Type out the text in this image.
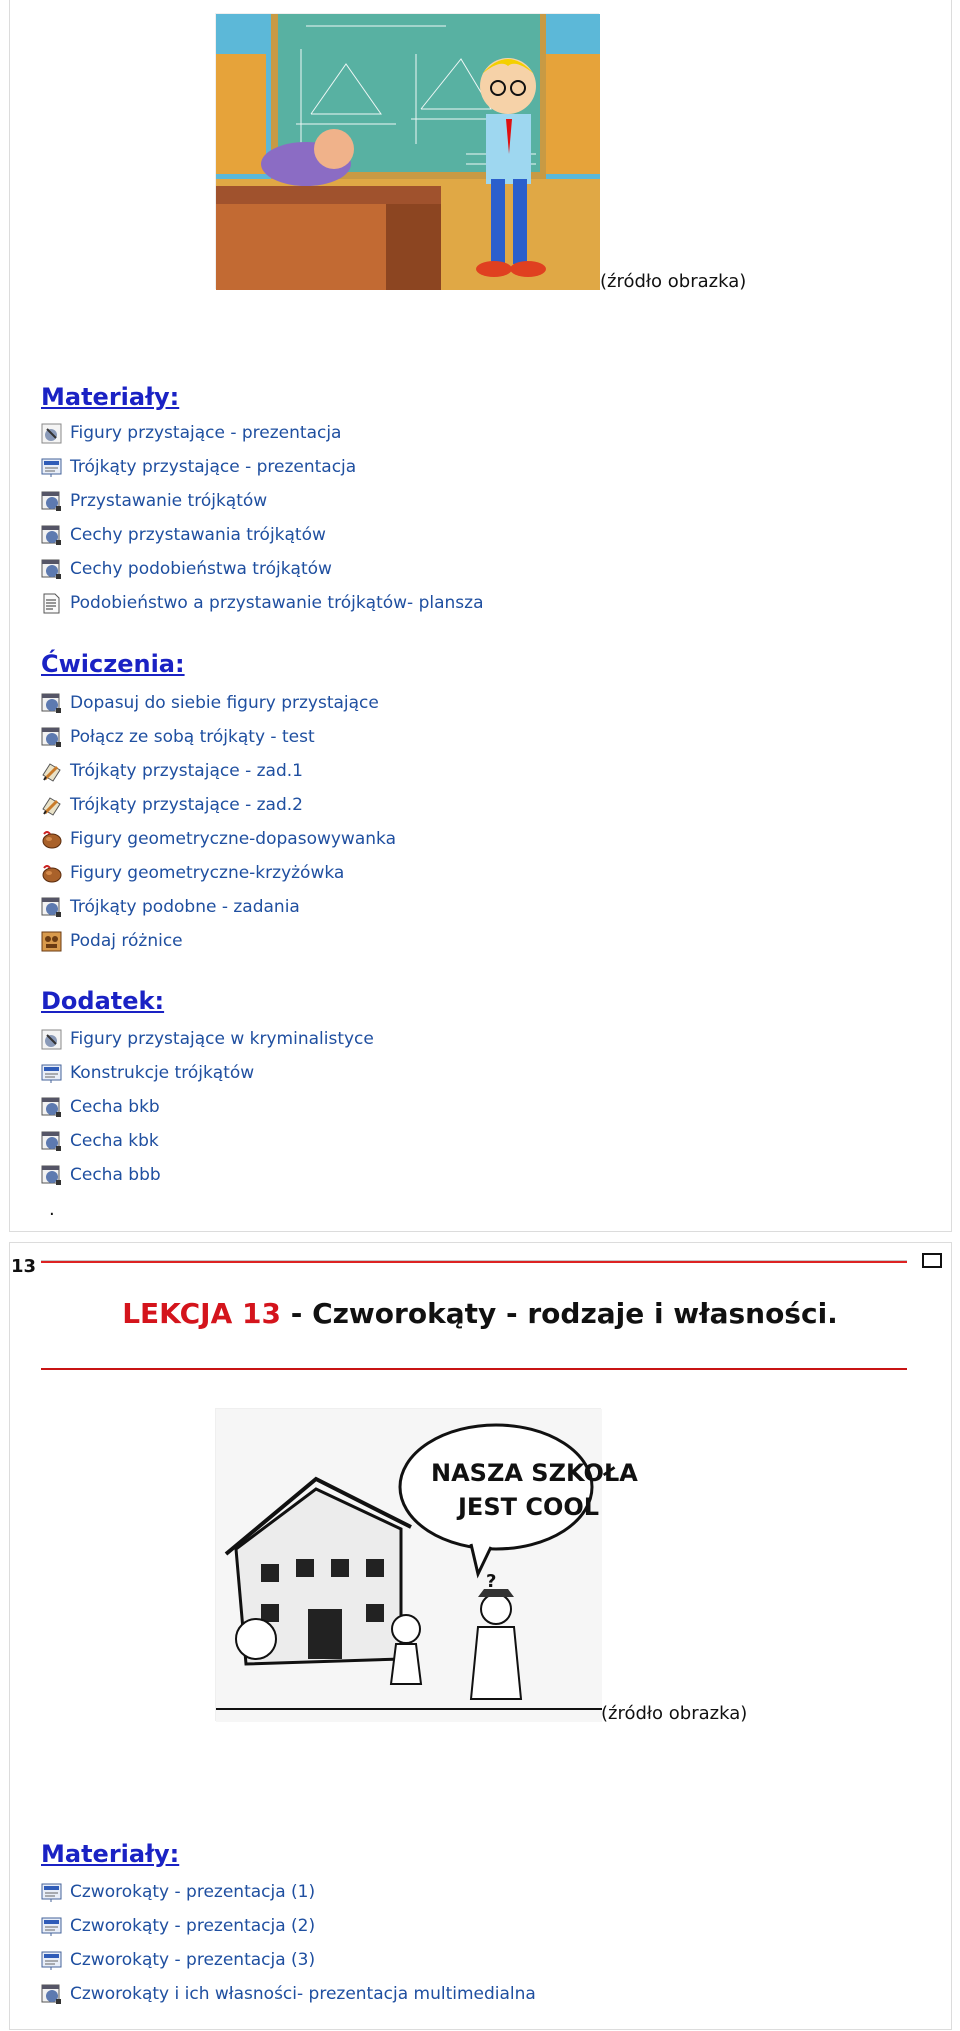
(źródło obrazka)
Materiały:
Figury przystające - prezentacja
Trójkąty przystające - prezentacja
Przystawanie trójkątów
Cechy przystawania trójkątów
Cechy podobieństwa trójkątów
Podobieństwo a przystawanie trójkątów- plansza
Ćwiczenia:
Dopasuj do siebie figury przystające
Połącz ze sobą trójkąty - test
Trójkąty przystające - zad.1
Trójkąty przystające - zad.2
Figury geometryczne-dopasowywanka
Figury geometryczne-krzyżówka
Trójkąty podobne - zadania
Podaj różnice
Dodatek:
Figury przystające w kryminalistyce
Konstrukcje trójkątów
Cecha bkb
Cecha kbk
Cecha bbb
.
13
LEKCJA 13 - Czworokąty - rodzaje i własności.
NASZA SZKOŁA
JEST COOL
?
(źródło obrazka)
Materiały:
Czworokąty - prezentacja (1)
Czworokąty - prezentacja (2)
Czworokąty - prezentacja (3)
Czworokąty i ich własności- prezentacja multimedialna
